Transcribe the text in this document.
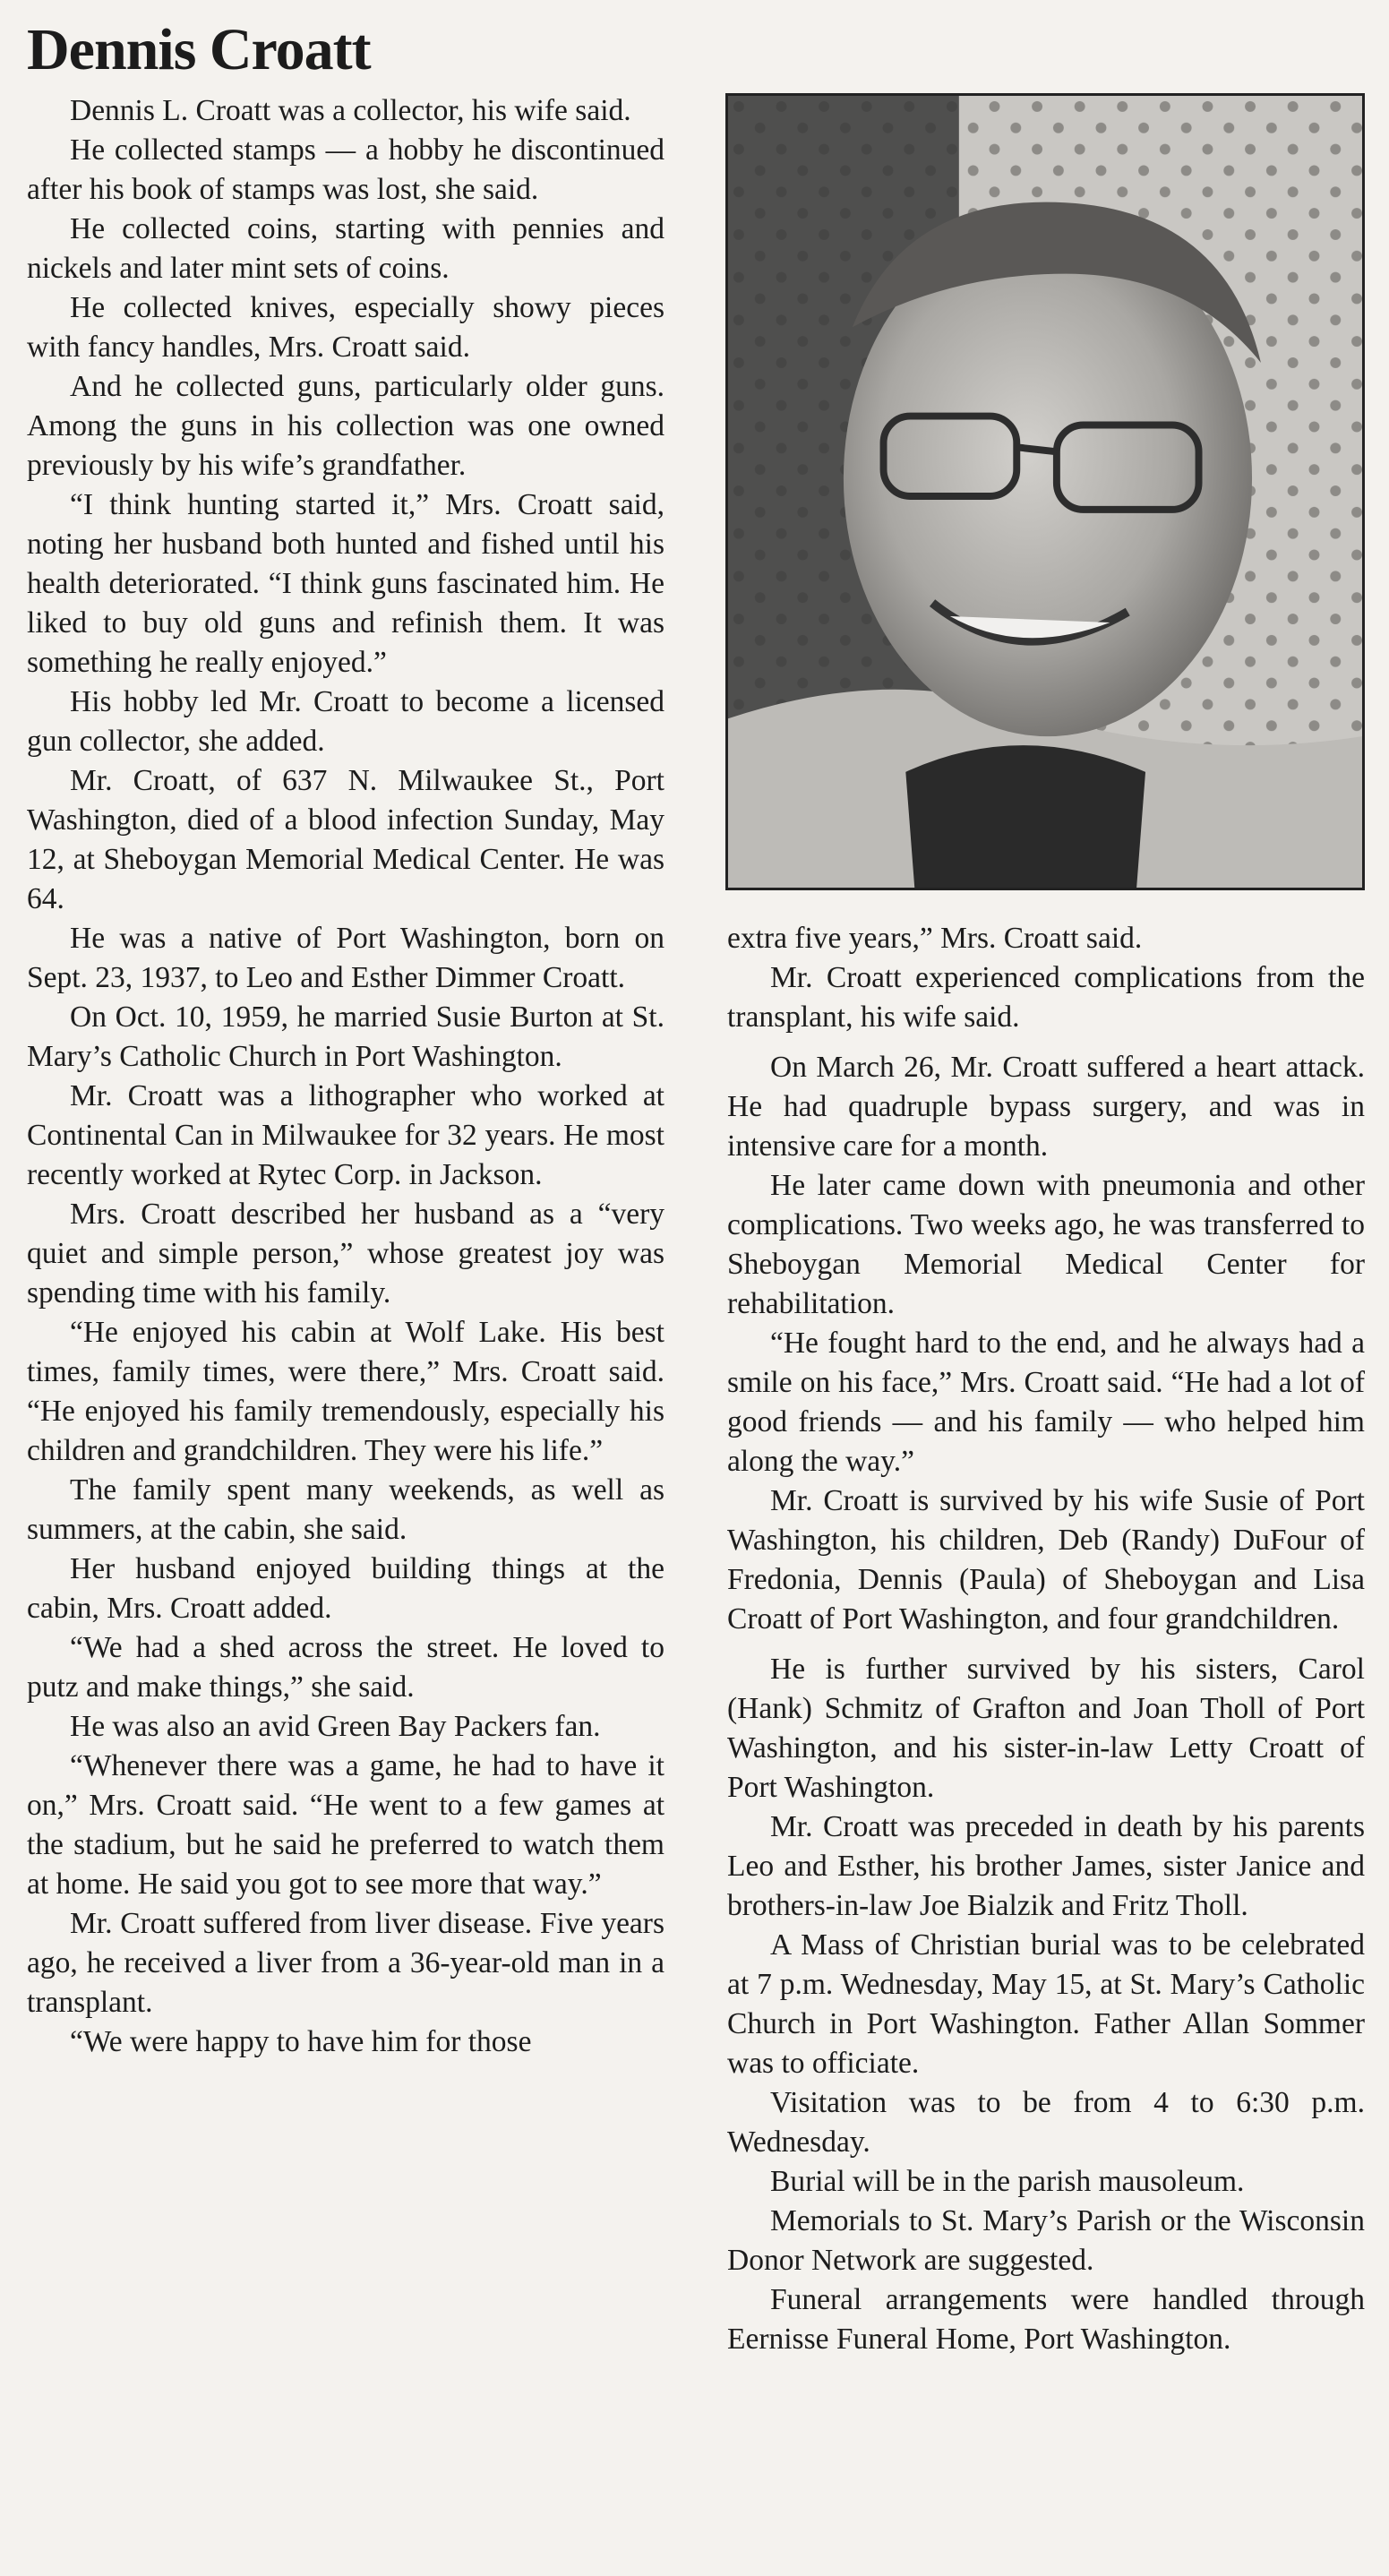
Dennis Croatt

Dennis L. Croatt was a collector, his wife said.

He collected stamps — a hobby he discontinued after his book of stamps was lost, she said.

He collected coins, starting with pennies and nickels and later mint sets of coins.

He collected knives, especially showy pieces with fancy handles, Mrs. Croatt said.

And he collected guns, particularly older guns. Among the guns in his collection was one owned previously by his wife’s grandfather.

“I think hunting started it,” Mrs. Croatt said, noting her husband both hunted and fished until his health deteriorated. “I think guns fascinated him. He liked to buy old guns and refinish them. It was something he really enjoyed.”

His hobby led Mr. Croatt to become a licensed gun collector, she added.

Mr. Croatt, of 637 N. Milwaukee St., Port Washington, died of a blood infection Sunday, May 12, at Sheboygan Memorial Medical Center. He was 64.

He was a native of Port Washington, born on Sept. 23, 1937, to Leo and Esther Dimmer Croatt.

On Oct. 10, 1959, he married Susie Burton at St. Mary’s Catholic Church in Port Washington.

Mr. Croatt was a lithographer who worked at Continental Can in Milwaukee for 32 years. He most recently worked at Rytec Corp. in Jackson.

Mrs. Croatt described her husband as a “very quiet and simple person,” whose greatest joy was spending time with his family.

“He enjoyed his cabin at Wolf Lake. His best times, family times, were there,” Mrs. Croatt said. “He enjoyed his family tremendously, especially his children and grandchildren. They were his life.”

The family spent many weekends, as well as summers, at the cabin, she said.

Her husband enjoyed building things at the cabin, Mrs. Croatt added.

“We had a shed across the street. He loved to putz and make things,” she said.

He was also an avid Green Bay Packers fan.

“Whenever there was a game, he had to have it on,” Mrs. Croatt said. “He went to a few games at the stadium, but he said he preferred to watch them at home. He said you got to see more that way.”

Mr. Croatt suffered from liver disease. Five years ago, he received a liver from a 36-year-old man in a transplant.

“We were happy to have him for those

extra five years,” Mrs. Croatt said.

Mr. Croatt experienced complications from the transplant, his wife said.

On March 26, Mr. Croatt suffered a heart attack. He had quadruple bypass surgery, and was in intensive care for a month.

He later came down with pneumonia and other complications. Two weeks ago, he was transferred to Sheboygan Memorial Medical Center for rehabilitation.

“He fought hard to the end, and he always had a smile on his face,” Mrs. Croatt said. “He had a lot of good friends — and his family — who helped him along the way.”

Mr. Croatt is survived by his wife Susie of Port Washington, his children, Deb (Randy) DuFour of Fredonia, Dennis (Paula) of Sheboygan and Lisa Croatt of Port Washington, and four grandchildren.

He is further survived by his sisters, Carol (Hank) Schmitz of Grafton and Joan Tholl of Port Washington, and his sister-in-law Letty Croatt of Port Washington.

Mr. Croatt was preceded in death by his parents Leo and Esther, his brother James, sister Janice and brothers-in-law Joe Bialzik and Fritz Tholl.

A Mass of Christian burial was to be celebrated at 7 p.m. Wednesday, May 15, at St. Mary’s Catholic Church in Port Washington. Father Allan Sommer was to officiate.

Visitation was to be from 4 to 6:30 p.m. Wednesday.

Burial will be in the parish mausoleum.

Memorials to St. Mary’s Parish or the Wisconsin Donor Network are suggested.

Funeral arrangements were handled through Eernisse Funeral Home, Port Washington.
